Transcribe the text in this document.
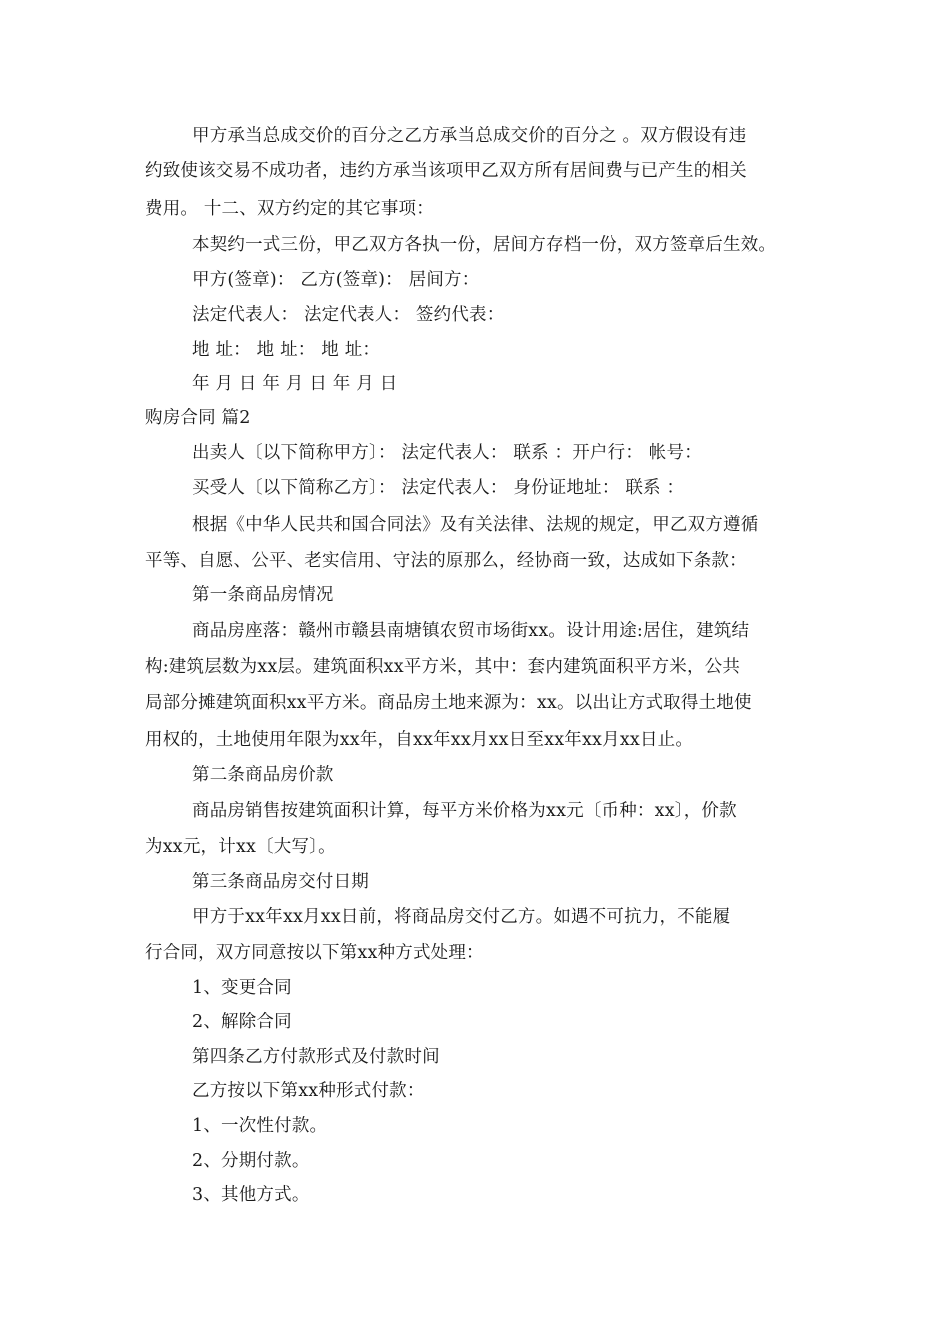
甲方承当总成交价的百分之乙方承当总成交价的百分之 。双方假设有违
约致使该交易不成功者，违约方承当该项甲乙双方所有居间费与已产生的相关
费用。 十二、双方约定的其它事项：
本契约一式三份，甲乙双方各执一份，居间方存档一份，双方签章后生效。
甲方(签章)： 乙方(签章)： 居间方：
法定代表人： 法定代表人： 签约代表：
地 址： 地 址： 地 址：
年 月 日 年 月 日 年 月 日
购房合同 篇2
出卖人〔以下简称甲方〕： 法定代表人： 联系 ：开户行： 帐号：
买受人〔以下简称乙方〕： 法定代表人： 身份证地址： 联系 ：
根据《中华人民共和国合同法》及有关法律、法规的规定，甲乙双方遵循
平等、自愿、公平、老实信用、守法的原那么，经协商一致，达成如下条款：
第一条商品房情况
商品房座落：赣州市赣县南塘镇农贸市场街xx。设计用途:居住，建筑结
构:建筑层数为xx层。建筑面积xx平方米，其中：套内建筑面积平方米，公共
局部分摊建筑面积xx平方米。商品房土地来源为：xx。以出让方式取得土地使
用权的，土地使用年限为xx年，自xx年xx月xx日至xx年xx月xx日止。
第二条商品房价款
商品房销售按建筑面积计算，每平方米价格为xx元〔币种：xx〕，价款
为xx元，计xx〔大写〕。
第三条商品房交付日期
甲方于xx年xx月xx日前，将商品房交付乙方。如遇不可抗力，不能履
行合同，双方同意按以下第xx种方式处理：
1、变更合同
2、解除合同
第四条乙方付款形式及付款时间
乙方按以下第xx种形式付款：
1、一次性付款。
2、分期付款。
3、其他方式。
